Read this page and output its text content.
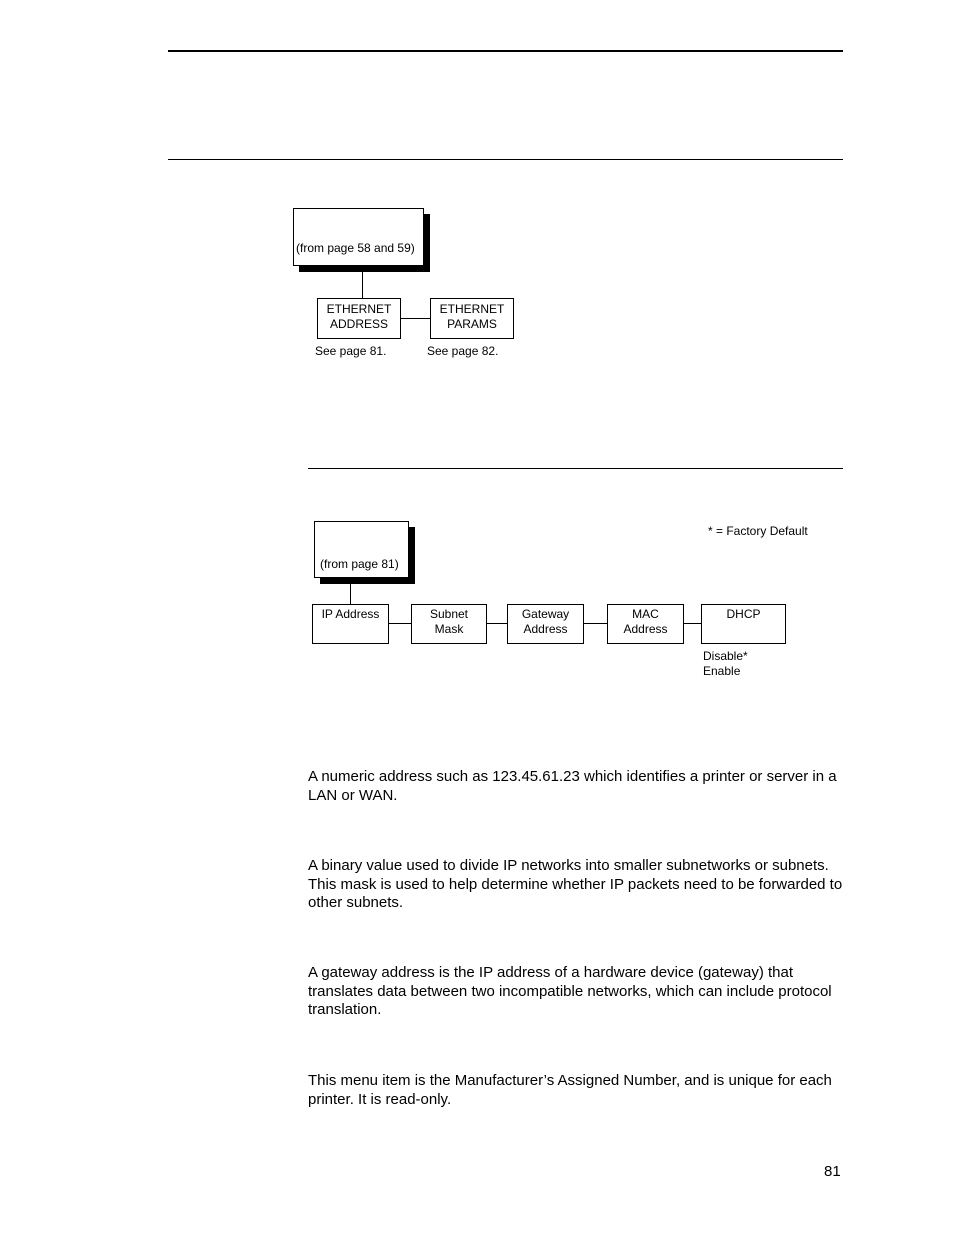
(from page 58 and 59)
ETHERNET
ADDRESS
ETHERNET
PARAMS
See page 81.	See page 82.
(from page 81)
* = Factory Default
IP Address	Subnet
Mask
Gateway
Address
MAC
Address
DHCP
Disable*
Enable

A numeric address such as 123.45.61.23 which identifies a printer or server in a LAN or WAN.

A binary value used to divide IP networks into smaller subnetworks or subnets. This mask is used to help determine whether IP packets need to be forwarded to other subnets.

A gateway address is the IP address of a hardware device (gateway) that translates data between two incompatible networks, which can include protocol translation.

This menu item is the Manufacturer’s Assigned Number, and is unique for each printer. It is read-only.

81
